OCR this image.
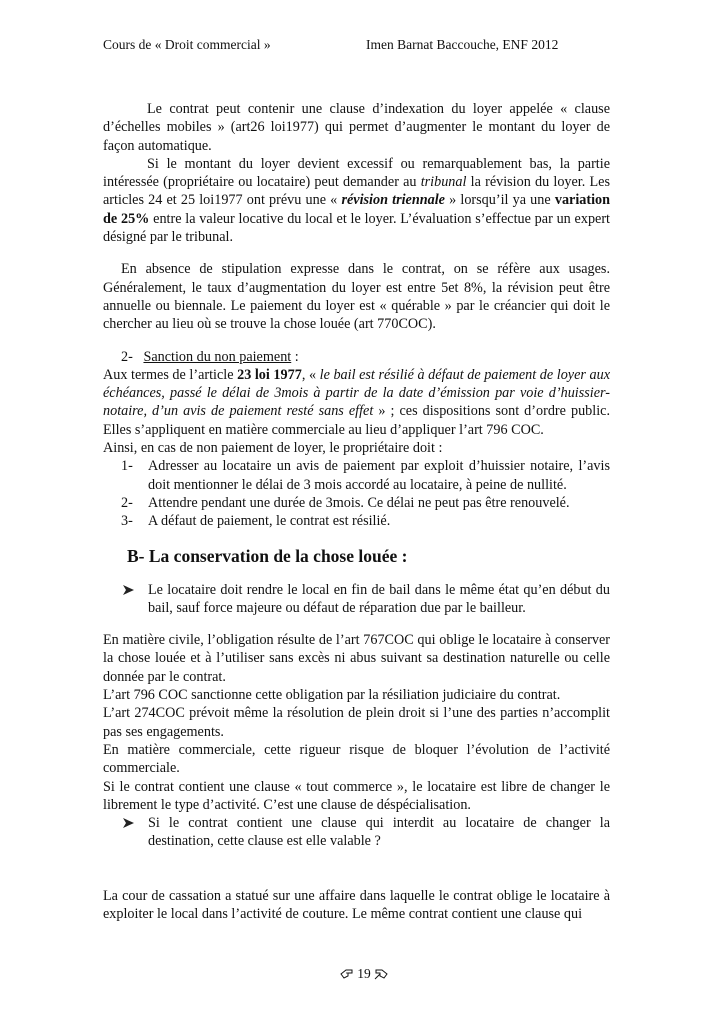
Cours de « Droit commercial »	Imen Barnat Baccouche, ENF 2012

Le contrat peut contenir une clause d’indexation du loyer appelée « clause d’échelles mobiles » (art26 loi1977) qui permet d’augmenter le montant du loyer de façon automatique.

Si le montant du loyer devient excessif ou remarquablement bas, la partie intéressée (propriétaire ou locataire) peut demander au tribunal la révision du loyer. Les articles 24 et 25 loi1977 ont prévu une « révision triennale » lorsqu’il ya une variation de 25% entre la valeur locative du local et le loyer. L’évaluation s’effectue par un expert désigné par le tribunal.

En absence de stipulation expresse dans le contrat, on se réfère aux usages. Généralement, le taux d’augmentation du loyer est entre 5et 8%, la révision peut être annuelle ou biennale. Le paiement du loyer est « quérable » par le créancier qui doit le chercher au lieu où se trouve la chose louée (art 770COC).

2- Sanction du non paiement :

Aux termes de l’article 23 loi 1977, « le bail est résilié à défaut de paiement de loyer aux échéances, passé le délai de 3mois à partir de la date d’émission par voie d’huissier- notaire, d’un avis de paiement resté sans effet » ; ces dispositions sont d’ordre public. Elles s’appliquent en matière commerciale au lieu d’appliquer l’art 796 COC.

Ainsi, en cas de non paiement de loyer, le propriétaire doit :

1- Adresser au locataire un avis de paiement par exploit d’huissier notaire, l’avis doit mentionner le délai de 3 mois accordé au locataire, à peine de nullité.
2- Attendre pendant une durée de 3mois. Ce délai ne peut pas être renouvelé.
3- A défaut de paiement, le contrat est résilié.
B- La conservation de la chose louée :
Le locataire doit rendre le local en fin de bail dans le même état qu’en début du bail, sauf force majeure ou défaut de réparation due par le bailleur.

En matière civile, l’obligation résulte de l’art 767COC qui oblige le locataire à conserver la chose louée et à l’utiliser sans excès ni abus suivant sa destination naturelle ou celle donnée par le contrat.

L’art 796 COC sanctionne cette obligation par la résiliation judiciaire du contrat.

L’art 274COC prévoit même la résolution de plein droit si l’une des parties n’accomplit pas ses engagements.

En matière commerciale, cette rigueur risque de bloquer l’évolution de l’activité commerciale.

Si le contrat contient une clause « tout commerce », le locataire est libre de changer le librement le type d’activité. C’est une clause de déspécialisation.

Si le contrat contient une clause qui interdit au locataire de changer la destination, cette clause est elle valable ?

La cour de cassation a statué sur une affaire dans laquelle le contrat oblige le locataire à exploiter le local dans l’activité de couture. Le même contrat contient une clause qui

19
